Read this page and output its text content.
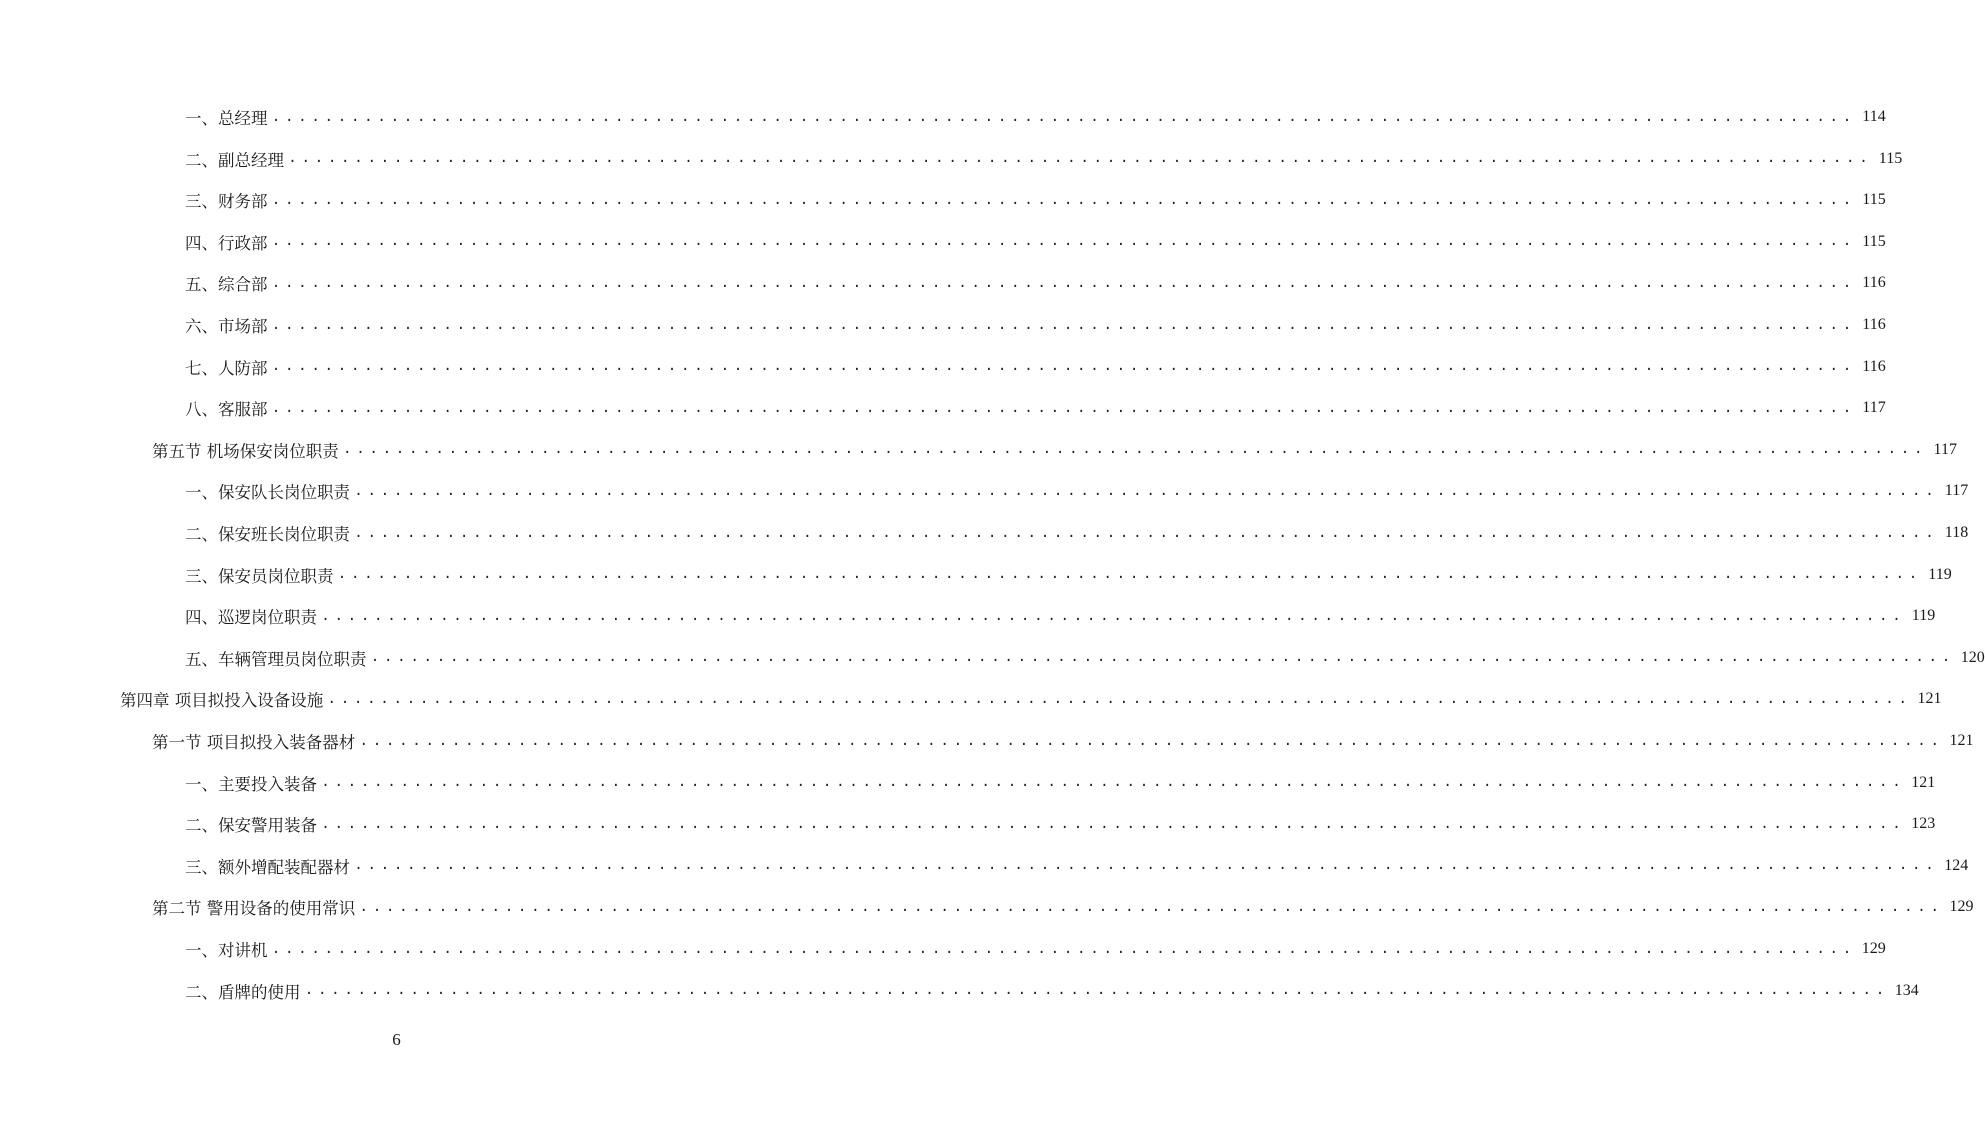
一、总经理 ........................................................................................................................ 114
二、副总经理 ........................................................................................................................ 115
三、财务部 ........................................................................................................................ 115
四、行政部 ........................................................................................................................ 115
五、综合部 ........................................................................................................................ 116
六、市场部 ........................................................................................................................ 116
七、人防部 ........................................................................................................................ 116
八、客服部 ........................................................................................................................ 117
第五节 机场保安岗位职责 ........................................................................................................................ 117
一、保安队长岗位职责 ........................................................................................................................ 117
二、保安班长岗位职责 ........................................................................................................................ 118
三、保安员岗位职责 ........................................................................................................................ 119
四、巡逻岗位职责 ........................................................................................................................ 119
五、车辆管理员岗位职责 ........................................................................................................................ 120
第四章 项目拟投入设备设施 ........................................................................................................................ 121
第一节 项目拟投入装备器材 ........................................................................................................................ 121
一、主要投入装备 ........................................................................................................................ 121
二、保安警用装备 ........................................................................................................................ 123
三、额外增配装配器材 ........................................................................................................................ 124
第二节 警用设备的使用常识 ........................................................................................................................ 129
一、对讲机 ........................................................................................................................ 129
二、盾牌的使用 ........................................................................................................................ 134
6
